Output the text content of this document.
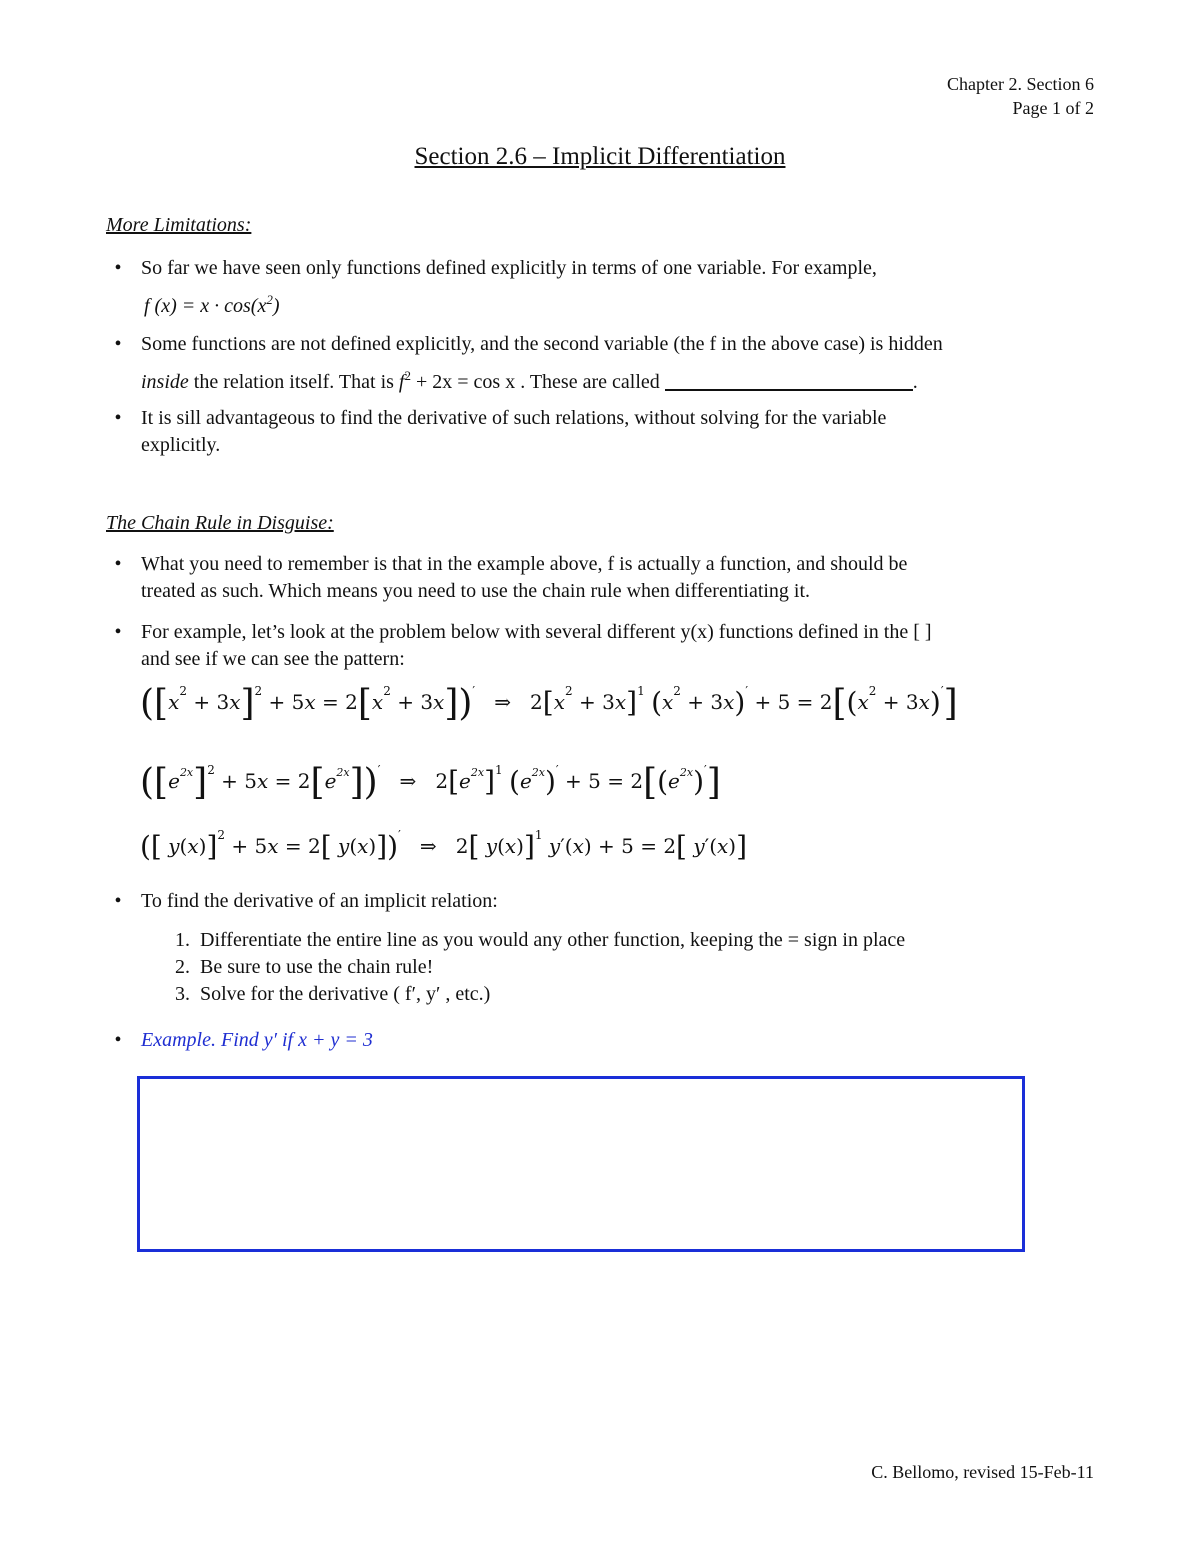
Chapter 2. Section 6
Page 1 of 2
Section 2.6 – Implicit Differentiation
More Limitations:
• So far we have seen only functions defined explicitly in terms of one variable. For example,
f $(x) = x \cdot \cos(x^2)$
• Some functions are not defined explicitly, and the second variable (the f in the above case) is hidden
inside the relation itself. That is $f^2 + 2x = \cos x$ . These are called	.
• It is sill advantageous to find the derivative of such relations, without solving for the variable
explicitly.
The Chain Rule in Disguise:
• What you need to remember is that in the example above, f is actually a function, and should be
treated as such. Which means you need to use the chain rule when differentiating it.
• For example, let’s look at the problem below with several different y(x) functions defined in the [ ]
and see if we can see the pattern:
$([x^2 + 3x]^2 + 5x = 2[x^2 + 3x])'$   ⇒   $2[x^2 + 3x]^1$ $(x^2 + 3x)' + 5 = 2[(x^2 + 3x)']$
$([e^{2x}]^2 + 5x = 2[e^{2x}])'$   ⇒   $2[e^{2x}]^1$ $(e^{2x})' + 5 = 2[(e^{2x})']$
([ y(x)]$^2$ + 5x = 2[ y(x)])′   ⇒   2[ y(x)]$^1$ y′(x) + 5 = 2[ y′(x)]
• To find the derivative of an implicit relation:
1.  Differentiate the entire line as you would any other function, keeping the = sign in place
2.  Be sure to use the chain rule!
3.  Solve for the derivative ( f′, y′ , etc.)
• Example. Find y′ if x + y = 3
C. Bellomo, revised 15-Feb-11
